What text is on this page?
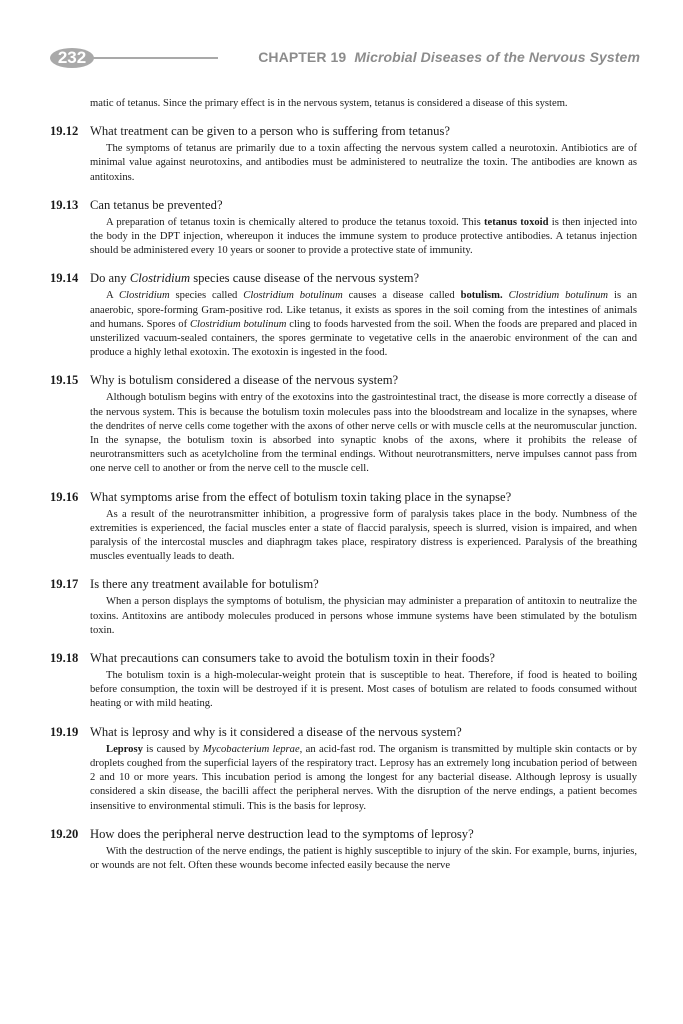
232	CHAPTER 19 Microbial Diseases of the Nervous System

matic of tetanus. Since the primary effect is in the nervous system, tetanus is considered a disease of this system.

19.12 What treatment can be given to a person who is suffering from tetanus?

The symptoms of tetanus are primarily due to a toxin affecting the nervous system called a neurotoxin. Antibiotics are of minimal value against neurotoxins, and antibodies must be administered to neutralize the toxin. The antibodies are known as antitoxins.

19.13 Can tetanus be prevented?

A preparation of tetanus toxin is chemically altered to produce the tetanus toxoid. This tetanus toxoid is then injected into the body in the DPT injection, whereupon it induces the immune system to produce protective antibodies. A tetanus injection should be administered every 10 years or sooner to provide a protective state of immunity.

19.14 Do any Clostridium species cause disease of the nervous system?

A Clostridium species called Clostridium botulinum causes a disease called botulism. Clostridium botulinum is an anaerobic, spore-forming Gram-positive rod. Like tetanus, it exists as spores in the soil coming from the intestines of animals and humans. Spores of Clostridium botulinum cling to foods harvested from the soil. When the foods are prepared and placed in unsterilized vacuum-sealed containers, the spores germinate to vegetative cells in the anaerobic environment of the can and produce a highly lethal exotoxin. The exotoxin is ingested in the food.

19.15 Why is botulism considered a disease of the nervous system?

Although botulism begins with entry of the exotoxins into the gastrointestinal tract, the disease is more correctly a disease of the nervous system. This is because the botulism toxin molecules pass into the bloodstream and localize in the synapses, where the dendrites of nerve cells come together with the axons of other nerve cells or with muscle cells at the neuromuscular junction. In the synapse, the botulism toxin is absorbed into synaptic knobs of the axons, where it prohibits the release of neurotransmitters such as acetylcholine from the terminal endings. Without neurotransmitters, nerve impulses cannot pass from one nerve cell to another or from the nerve cell to the muscle cell.

19.16 What symptoms arise from the effect of botulism toxin taking place in the synapse?

As a result of the neurotransmitter inhibition, a progressive form of paralysis takes place in the body. Numbness of the extremities is experienced, the facial muscles enter a state of flaccid paralysis, speech is slurred, vision is impaired, and when paralysis of the intercostal muscles and diaphragm takes place, respiratory distress is experienced. Paralysis of the breathing muscles eventually leads to death.

19.17 Is there any treatment available for botulism?

When a person displays the symptoms of botulism, the physician may administer a preparation of antitoxin to neutralize the toxins. Antitoxins are antibody molecules produced in persons whose immune systems have been stimulated by the botulism toxin.

19.18 What precautions can consumers take to avoid the botulism toxin in their foods?

The botulism toxin is a high-molecular-weight protein that is susceptible to heat. Therefore, if food is heated to boiling before consumption, the toxin will be destroyed if it is present. Most cases of botulism are related to foods consumed without heating or with mild heating.

19.19 What is leprosy and why is it considered a disease of the nervous system?

Leprosy is caused by Mycobacterium leprae, an acid-fast rod. The organism is transmitted by multiple skin contacts or by droplets coughed from the superficial layers of the respiratory tract. Leprosy has an extremely long incubation period of between 2 and 10 or more years. This incubation period is among the longest for any bacterial disease. Although leprosy is usually considered a skin disease, the bacilli affect the peripheral nerves. With the disruption of the nerve endings, a patient becomes insensitive to environmental stimuli. This is the basis for leprosy.

19.20 How does the peripheral nerve destruction lead to the symptoms of leprosy?

With the destruction of the nerve endings, the patient is highly susceptible to injury of the skin. For example, burns, injuries, or wounds are not felt. Often these wounds become infected easily because the nerve
